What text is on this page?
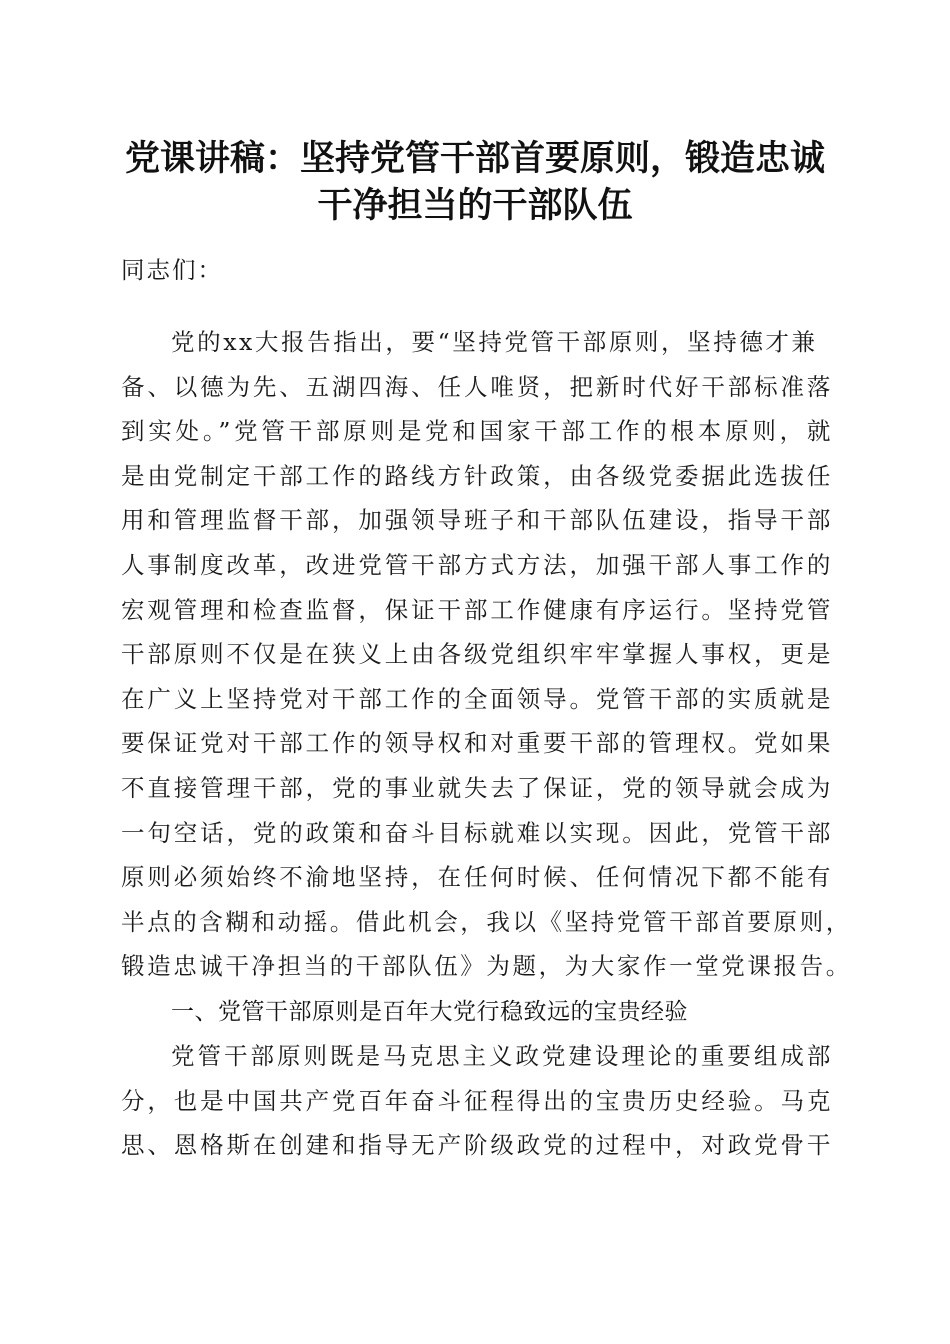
党课讲稿：坚持党管干部首要原则，锻造忠诚
干净担当的干部队伍
同志们：
党的xx大报告指出，要“坚持党管干部原则，坚持德才兼
备、以德为先、五湖四海、任人唯贤，把新时代好干部标准落
到实处。”党管干部原则是党和国家干部工作的根本原则，就
是由党制定干部工作的路线方针政策，由各级党委据此选拔任
用和管理监督干部，加强领导班子和干部队伍建设，指导干部
人事制度改革，改进党管干部方式方法，加强干部人事工作的
宏观管理和检查监督，保证干部工作健康有序运行。坚持党管
干部原则不仅是在狭义上由各级党组织牢牢掌握人事权，更是
在广义上坚持党对干部工作的全面领导。党管干部的实质就是
要保证党对干部工作的领导权和对重要干部的管理权。党如果
不直接管理干部，党的事业就失去了保证，党的领导就会成为
一句空话，党的政策和奋斗目标就难以实现。因此，党管干部
原则必须始终不渝地坚持，在任何时候、任何情况下都不能有
半点的含糊和动摇。借此机会，我以《坚持党管干部首要原则，
锻造忠诚干净担当的干部队伍》为题，为大家作一堂党课报告。
一、党管干部原则是百年大党行稳致远的宝贵经验
党管干部原则既是马克思主义政党建设理论的重要组成部
分，也是中国共产党百年奋斗征程得出的宝贵历史经验。马克
思、恩格斯在创建和指导无产阶级政党的过程中，对政党骨干
